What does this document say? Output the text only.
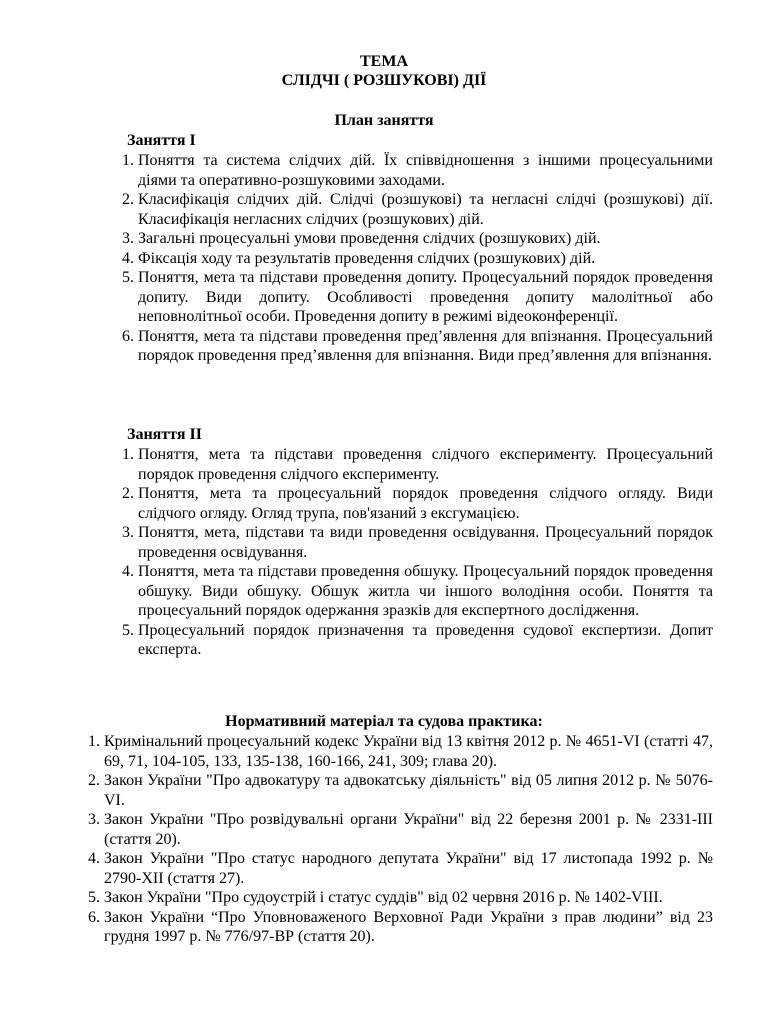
ТЕМА
СЛІДЧІ ( РОЗШУКОВІ) ДІЇ
План заняття
Заняття І
1. Поняття та система слідчих дій. Їх співвідношення з іншими процесуальними діями та оперативно-розшуковими заходами.
2. Класифікація слідчих дій. Слідчі (розшукові) та негласні слідчі (розшукові) дії. Класифікація негласних слідчих (розшукових) дій.
3. Загальні процесуальні умови проведення слідчих (розшукових) дій.
4. Фіксація ходу та результатів проведення слідчих (розшукових) дій.
5. Поняття, мета та підстави проведення допиту. Процесуальний порядок проведення допиту. Види допиту. Особливості проведення допиту малолітньої або неповнолітньої особи. Проведення допиту в режимі відеоконференції.
6. Поняття, мета та підстави проведення пред’явлення для впізнання. Процесуальний порядок проведення пред’явлення для впізнання. Види пред’явлення для впізнання.
Заняття ІІ
1. Поняття, мета та підстави проведення слідчого експерименту. Процесуальний порядок проведення слідчого експерименту.
2. Поняття, мета та процесуальний порядок проведення слідчого огляду. Види слідчого огляду. Огляд трупа, пов'язаний з ексгумацією.
3. Поняття, мета, підстави та види проведення освідування. Процесуальний порядок проведення освідування.
4. Поняття, мета та підстави проведення обшуку. Процесуальний порядок проведення обшуку. Види обшуку. Обшук житла чи іншого володіння особи. Поняття та процесуальний порядок одержання зразків для експертного дослідження.
5. Процесуальний порядок призначення та проведення судової експертизи. Допит експерта.
Нормативний матеріал та судова практика:
1. Кримінальний процесуальний кодекс України від 13 квітня 2012 р. № 4651-VI (статті 47, 69, 71, 104-105, 133, 135-138, 160-166, 241, 309; глава 20).
2. Закон України "Про адвокатуру та адвокатську діяльність" від 05 липня 2012 р. № 5076-VI.
3. Закон України "Про розвідувальні органи України" від 22 березня 2001 р. № 2331-III (стаття 20).
4. Закон України "Про статус народного депутата України" від 17 листопада 1992 р. № 2790-XII (стаття 27).
5. Закон України "Про судоустрій і статус суддів" від 02 червня 2016 р. № 1402-VIII.
6. Закон України “Про Уповноваженого Верховної Ради України з прав людини” від 23 грудня 1997 р. № 776/97-ВР (стаття 20).
